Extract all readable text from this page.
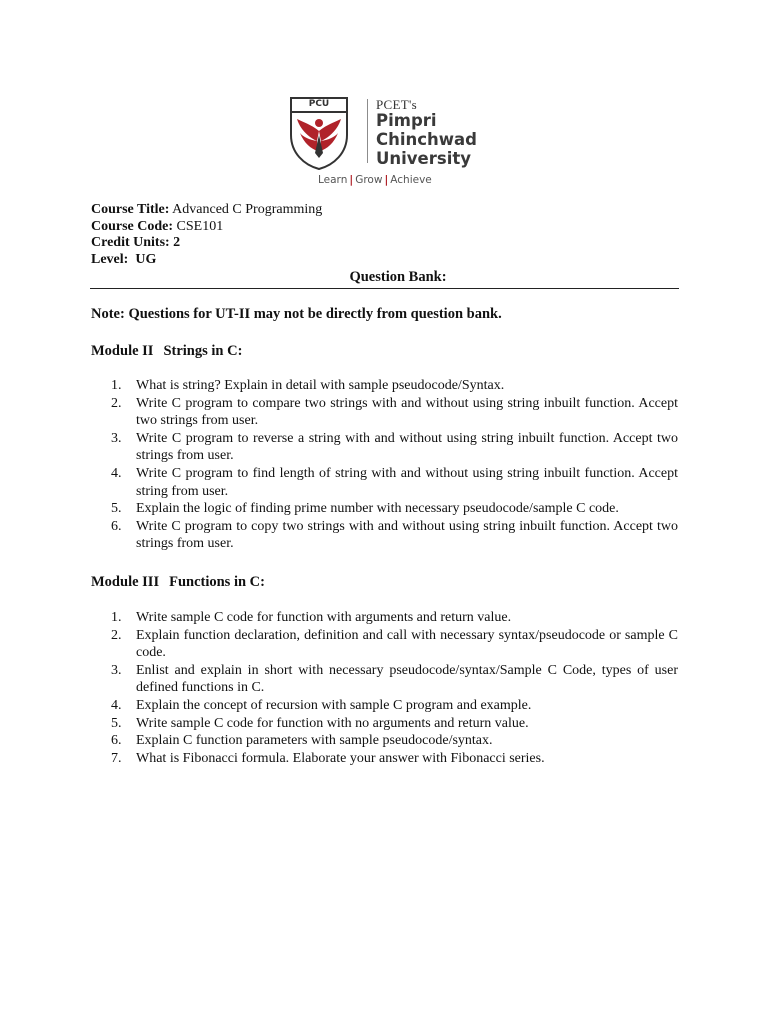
PCU	PCET's
Pimpri
Chinchwad
University
Learn | Grow | Achieve
Course Title: Advanced C Programming
Course Code: CSE101
Credit Units: 2
Level: UG
Question Bank:
Note: Questions for UT-II may not be directly from question bank.
Module II Strings in C:
1. What is string? Explain in detail with sample pseudocode/Syntax.
2. Write C program to compare two strings with and without using string inbuilt function. Accept two strings from user.
3. Write C program to reverse a string with and without using string inbuilt function. Accept two strings from user.
4. Write C program to find length of string with and without using string inbuilt function. Accept string from user.
5. Explain the logic of finding prime number with necessary pseudocode/sample C code.
6. Write C program to copy two strings with and without using string inbuilt function. Accept two strings from user.
Module III Functions in C:
1. Write sample C code for function with arguments and return value.
2. Explain function declaration, definition and call with necessary syntax/pseudocode or sample C code.
3. Enlist and explain in short with necessary pseudocode/syntax/Sample C Code, types of user defined functions in C.
4. Explain the concept of recursion with sample C program and example.
5. Write sample C code for function with no arguments and return value.
6. Explain C function parameters with sample pseudocode/syntax.
7. What is Fibonacci formula. Elaborate your answer with Fibonacci series.
